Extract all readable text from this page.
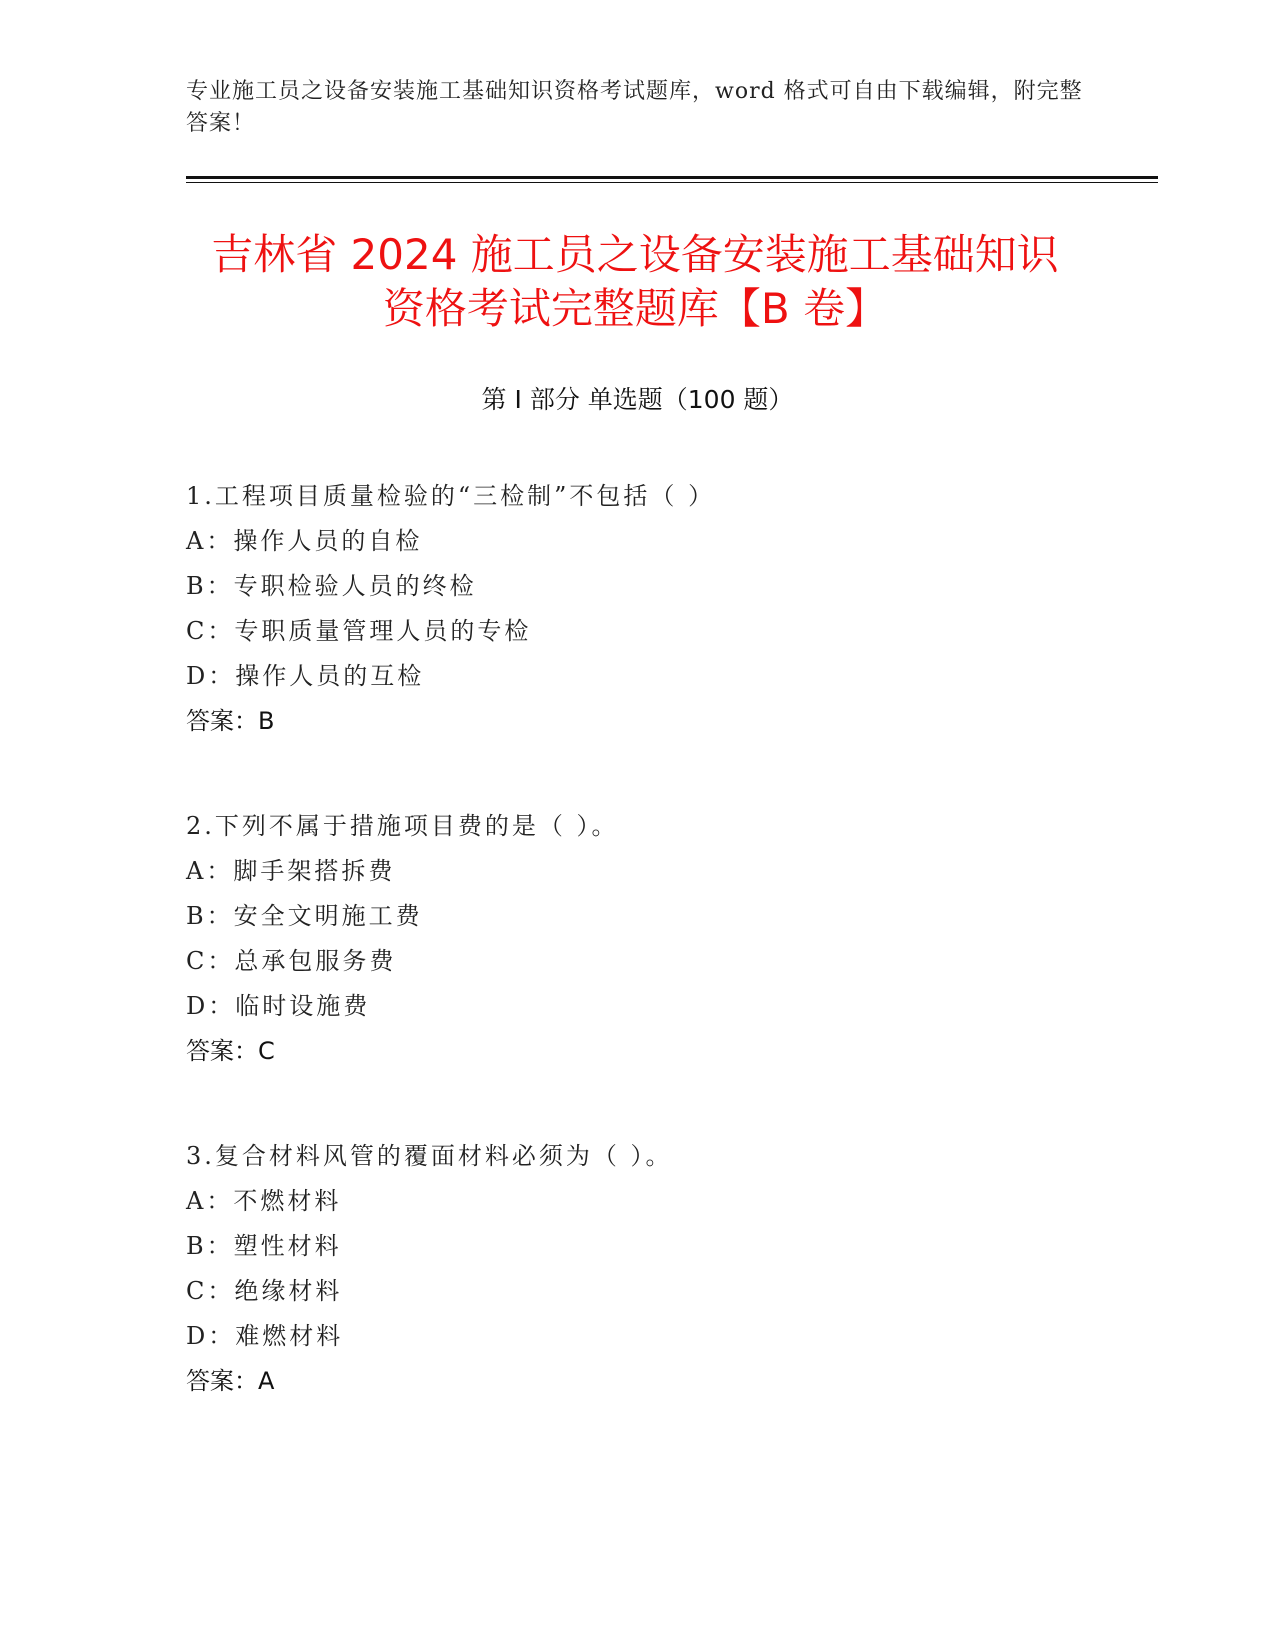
专业施工员之设备安装施工基础知识资格考试题库，word 格式可自由下载编辑，附完整答案！
吉林省 2024 施工员之设备安装施工基础知识
资格考试完整题库【B 卷】
第 I 部分 单选题（100 题）
1.工程项目质量检验的“三检制”不包括（ ）
A：操作人员的自检
B：专职检验人员的终检
C：专职质量管理人员的专检
D：操作人员的互检
答案：B
2.下列不属于措施项目费的是（ ）。
A：脚手架搭拆费
B：安全文明施工费
C：总承包服务费
D：临时设施费
答案：C
3.复合材料风管的覆面材料必须为（ ）。
A：不燃材料
B：塑性材料
C：绝缘材料
D：难燃材料
答案：A
